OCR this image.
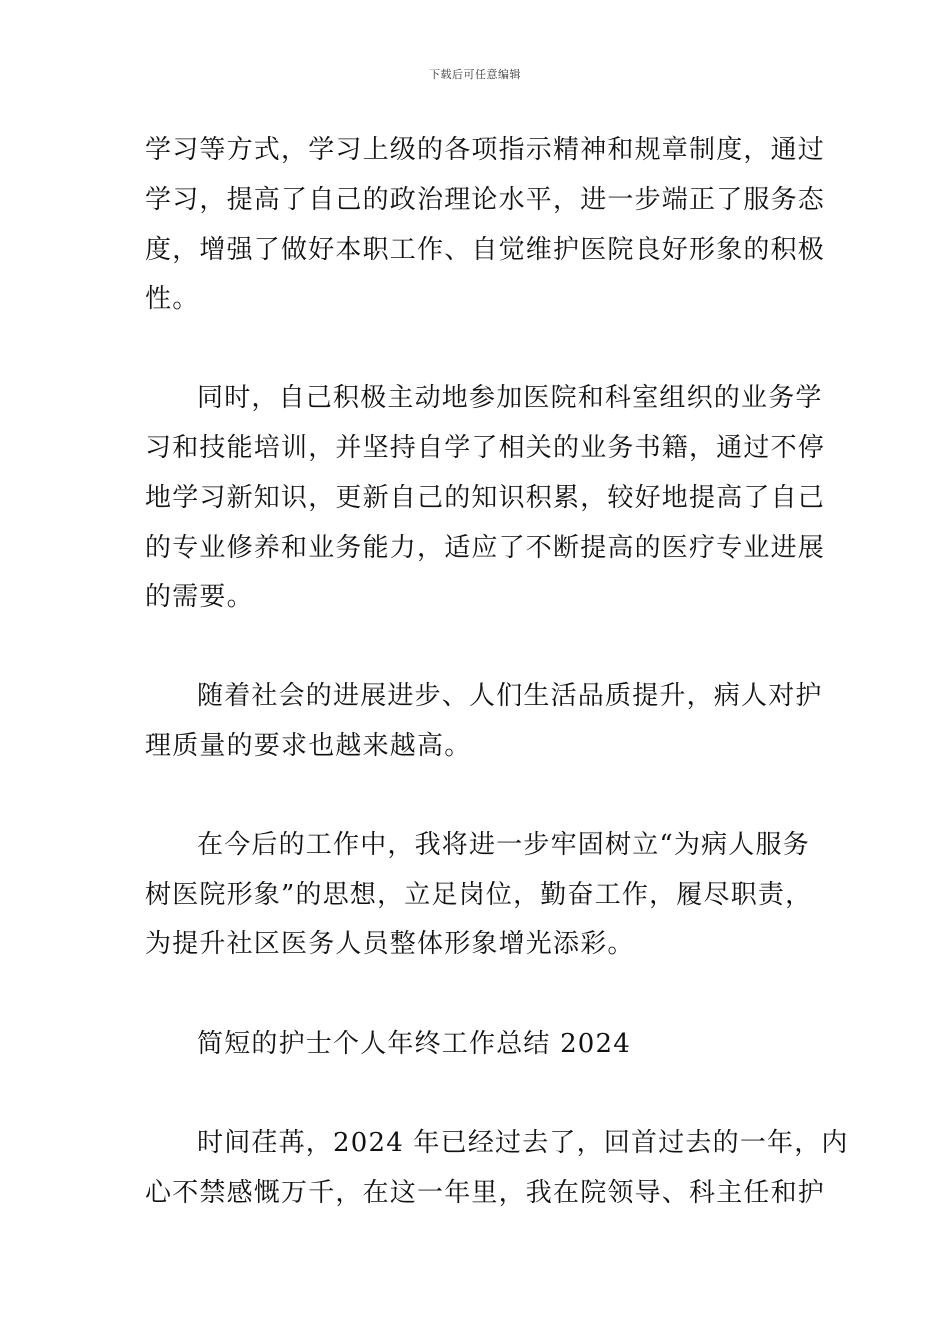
下载后可任意编辑
学习等方式，学习上级的各项指示精神和规章制度，通过
学习，提高了自己的政治理论水平，进一步端正了服务态
度，增强了做好本职工作、自觉维护医院良好形象的积极
性。
同时，自己积极主动地参加医院和科室组织的业务学
习和技能培训，并坚持自学了相关的业务书籍，通过不停
地学习新知识，更新自己的知识积累，较好地提高了自己
的专业修养和业务能力，适应了不断提高的医疗专业进展
的需要。
随着社会的进展进步、人们生活品质提升，病人对护
理质量的要求也越来越高。
在今后的工作中，我将进一步牢固树立“为病人服务
树医院形象”的思想，立足岗位，勤奋工作，履尽职责，
为提升社区医务人员整体形象增光添彩。
简短的护士个人年终工作总结 2024
时间荏苒，2024 年已经过去了，回首过去的一年，内
心不禁感慨万千，在这一年里，我在院领导、科主任和护
